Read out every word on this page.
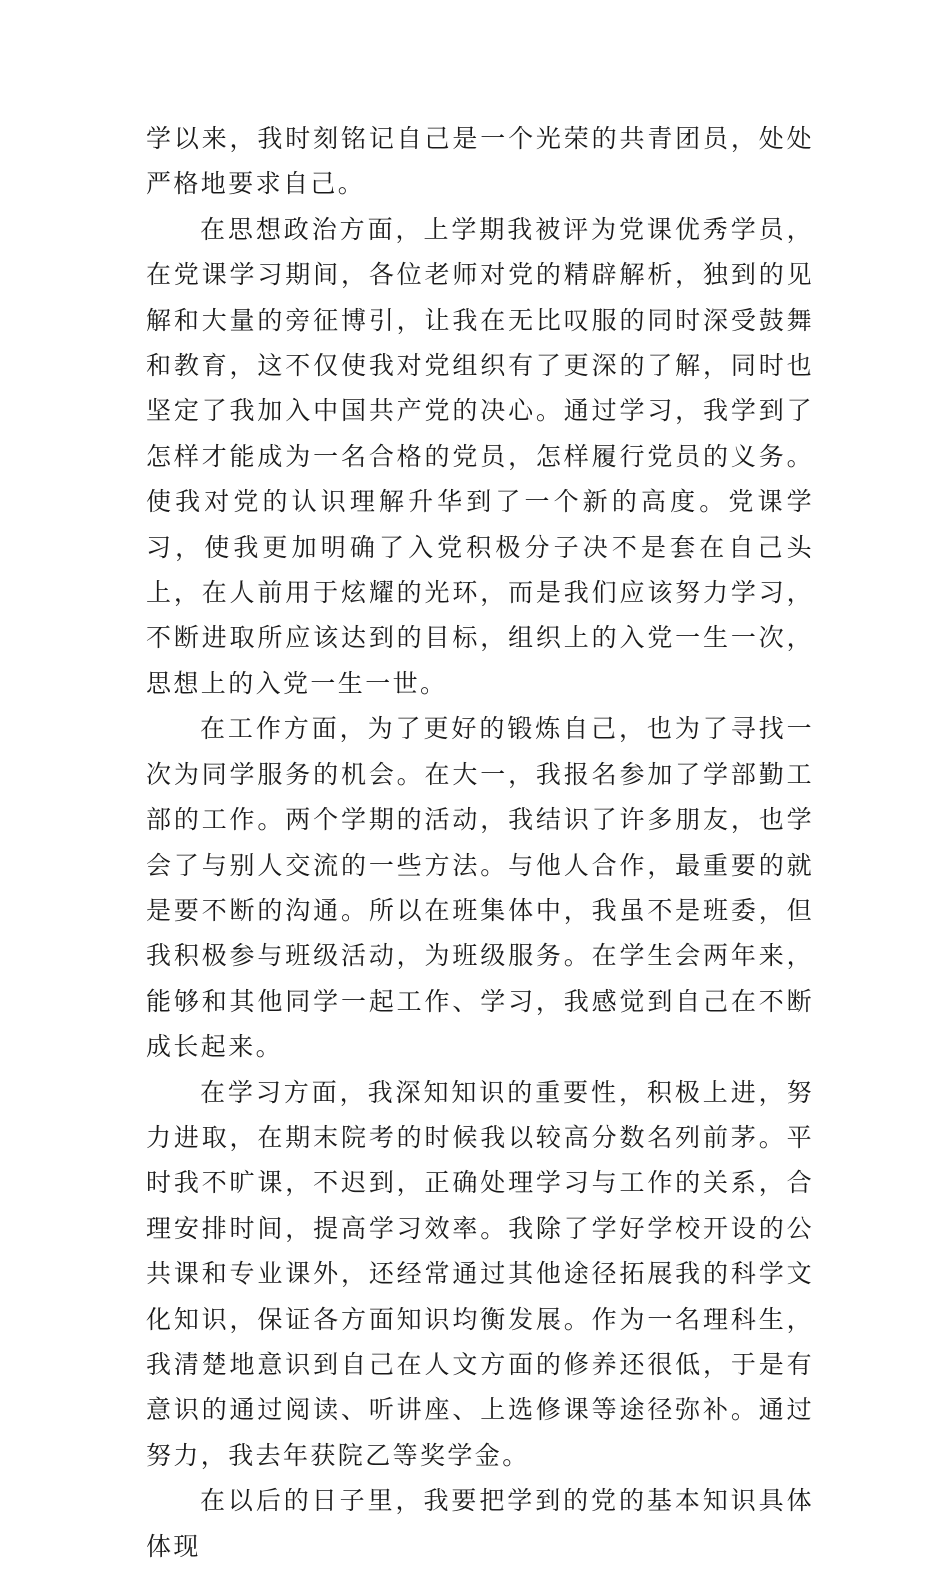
学以来，我时刻铭记自己是一个光荣的共青团员，处处严格地要求自己。

在思想政治方面，上学期我被评为党课优秀学员，在党课学习期间，各位老师对党的精辟解析，独到的见解和大量的旁征博引，让我在无比叹服的同时深受鼓舞和教育，这不仅使我对党组织有了更深的了解，同时也坚定了我加入中国共产党的决心。通过学习，我学到了怎样才能成为一名合格的党员，怎样履行党员的义务。使我对党的认识理解升华到了一个新的高度。党课学习，使我更加明确了入党积极分子决不是套在自己头上，在人前用于炫耀的光环，而是我们应该努力学习，不断进取所应该达到的目标，组织上的入党一生一次，思想上的入党一生一世。

在工作方面，为了更好的锻炼自己，也为了寻找一次为同学服务的机会。在大一，我报名参加了学部勤工部的工作。两个学期的活动，我结识了许多朋友，也学会了与别人交流的一些方法。与他人合作，最重要的就是要不断的沟通。所以在班集体中，我虽不是班委，但我积极参与班级活动，为班级服务。在学生会两年来，能够和其他同学一起工作、学习，我感觉到自己在不断成长起来。

在学习方面，我深知知识的重要性，积极上进，努力进取，在期末院考的时候我以较高分数名列前茅。平时我不旷课，不迟到，正确处理学习与工作的关系，合理安排时间，提高学习效率。我除了学好学校开设的公共课和专业课外，还经常通过其他途径拓展我的科学文化知识，保证各方面知识均衡发展。作为一名理科生，我清楚地意识到自己在人文方面的修养还很低，于是有意识的通过阅读、听讲座、上选修课等途径弥补。通过努力，我去年获院乙等奖学金。

在以后的日子里，我要把学到的党的基本知识具体体现
